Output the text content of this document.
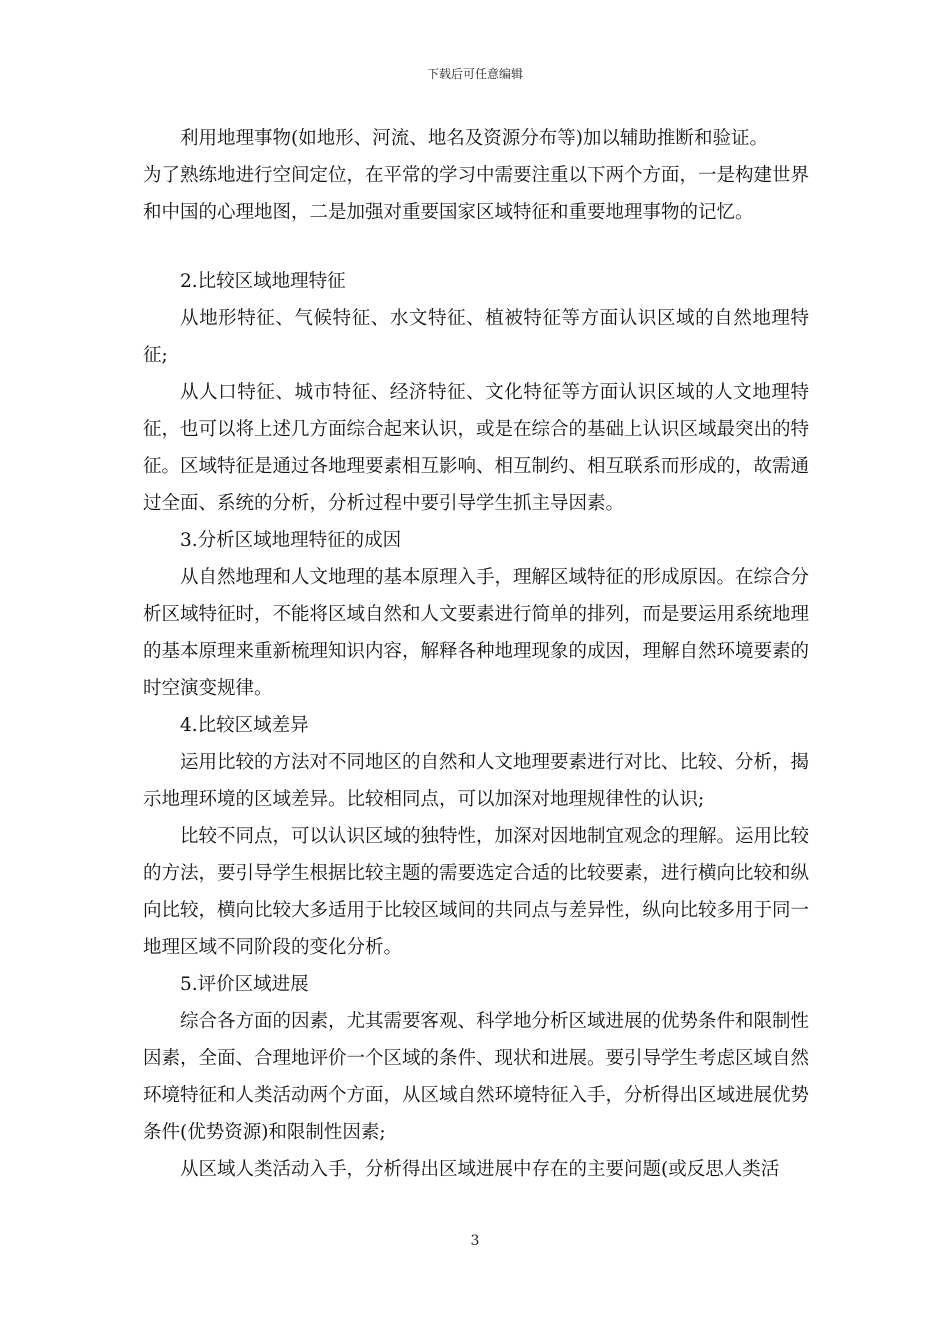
下载后可任意编辑

利用地理事物(如地形、河流、地名及资源分布等)加以辅助推断和验证。

为了熟练地进行空间定位，在平常的学习中需要注重以下两个方面，一是构建世界和中国的心理地图，二是加强对重要国家区域特征和重要地理事物的记忆。

2.比较区域地理特征

从地形特征、气候特征、水文特征、植被特征等方面认识区域的自然地理特征;

从人口特征、城市特征、经济特征、文化特征等方面认识区域的人文地理特征，也可以将上述几方面综合起来认识，或是在综合的基础上认识区域最突出的特征。区域特征是通过各地理要素相互影响、相互制约、相互联系而形成的，故需通过全面、系统的分析，分析过程中要引导学生抓主导因素。

3.分析区域地理特征的成因

从自然地理和人文地理的基本原理入手，理解区域特征的形成原因。在综合分析区域特征时，不能将区域自然和人文要素进行简单的排列，而是要运用系统地理的基本原理来重新梳理知识内容，解释各种地理现象的成因，理解自然环境要素的时空演变规律。

4.比较区域差异

运用比较的方法对不同地区的自然和人文地理要素进行对比、比较、分析，揭示地理环境的区域差异。比较相同点，可以加深对地理规律性的认识;

比较不同点，可以认识区域的独特性，加深对因地制宜观念的理解。运用比较的方法，要引导学生根据比较主题的需要选定合适的比较要素，进行横向比较和纵向比较，横向比较大多适用于比较区域间的共同点与差异性，纵向比较多用于同一地理区域不同阶段的变化分析。

5.评价区域进展

综合各方面的因素，尤其需要客观、科学地分析区域进展的优势条件和限制性因素，全面、合理地评价一个区域的条件、现状和进展。要引导学生考虑区域自然环境特征和人类活动两个方面，从区域自然环境特征入手，分析得出区域进展优势条件(优势资源)和限制性因素;

从区域人类活动入手，分析得出区域进展中存在的主要问题(或反思人类活

3
